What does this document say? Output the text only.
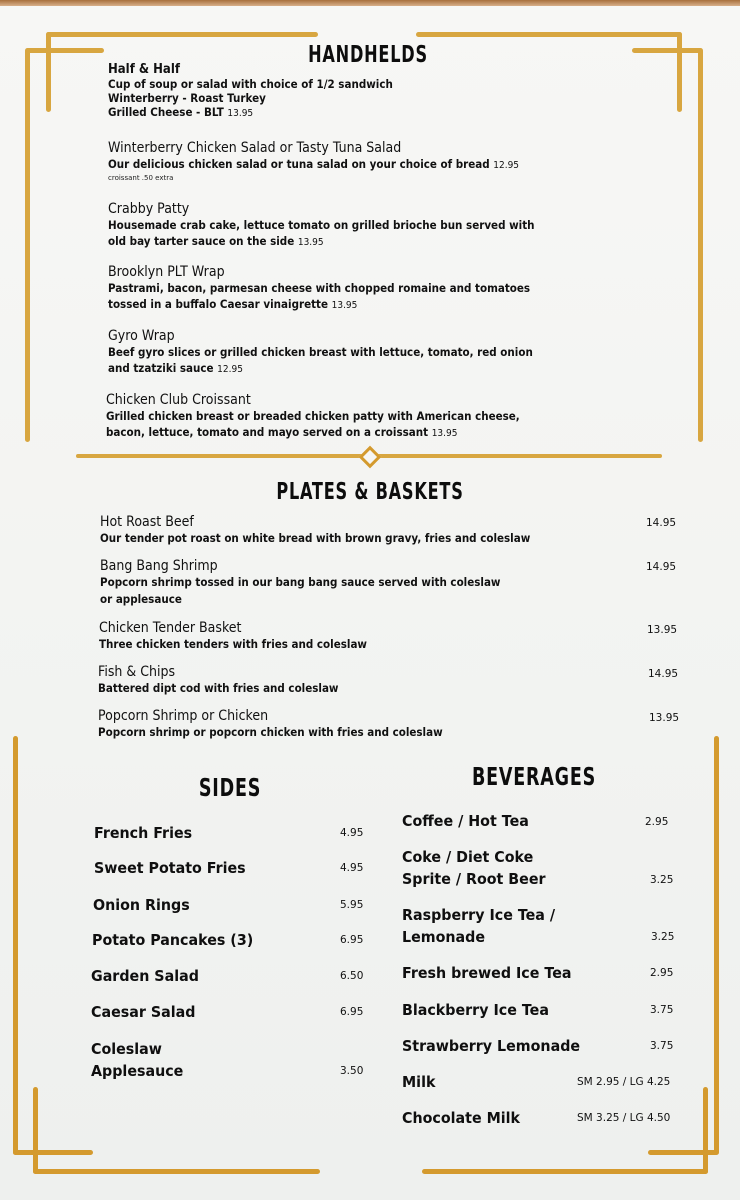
HANDHELDS
Half & Half
Cup of soup or salad with choice of 1/2 sandwich
Winterberry - Roast Turkey
Grilled Cheese - BLT 13.95
Winterberry Chicken Salad or Tasty Tuna Salad
Our delicious chicken salad or tuna salad on your choice of bread 12.95
croissant .50 extra
Crabby Patty
Housemade crab cake, lettuce tomato on grilled brioche bun served with
old bay tarter sauce on the side 13.95
Brooklyn PLT Wrap
Pastrami, bacon, parmesan cheese with chopped romaine and tomatoes
tossed in a buffalo Caesar vinaigrette 13.95
Gyro Wrap
Beef gyro slices or grilled chicken breast with lettuce, tomato, red onion
and tzatziki sauce 12.95
Chicken Club Croissant
Grilled chicken breast or breaded chicken patty with American cheese,
bacon, lettuce, tomato and mayo served on a croissant 13.95
PLATES & BASKETS
Hot Roast Beef
Our tender pot roast on white bread with brown gravy, fries and coleslaw
14.95
Bang Bang Shrimp
Popcorn shrimp tossed in our bang bang sauce served with coleslaw
or applesauce
14.95
Chicken Tender Basket
Three chicken tenders with fries and coleslaw
13.95
Fish & Chips
Battered dipt cod with fries and coleslaw
14.95
Popcorn Shrimp or Chicken
Popcorn shrimp or popcorn chicken with fries and coleslaw
13.95
SIDES
French Fries	4.95
Sweet Potato Fries	4.95
Onion Rings	5.95
Potato Pancakes (3)	6.95
Garden Salad	6.50
Caesar Salad	6.95
Coleslaw
Applesauce	3.50
BEVERAGES
Coffee / Hot Tea	2.95
Coke / Diet Coke
Sprite / Root Beer	3.25
Raspberry Ice Tea /
Lemonade	3.25
Fresh brewed Ice Tea	2.95
Blackberry Ice Tea	3.75
Strawberry Lemonade	3.75
Milk	SM 2.95 / LG 4.25
Chocolate Milk	SM 3.25 / LG 4.50
